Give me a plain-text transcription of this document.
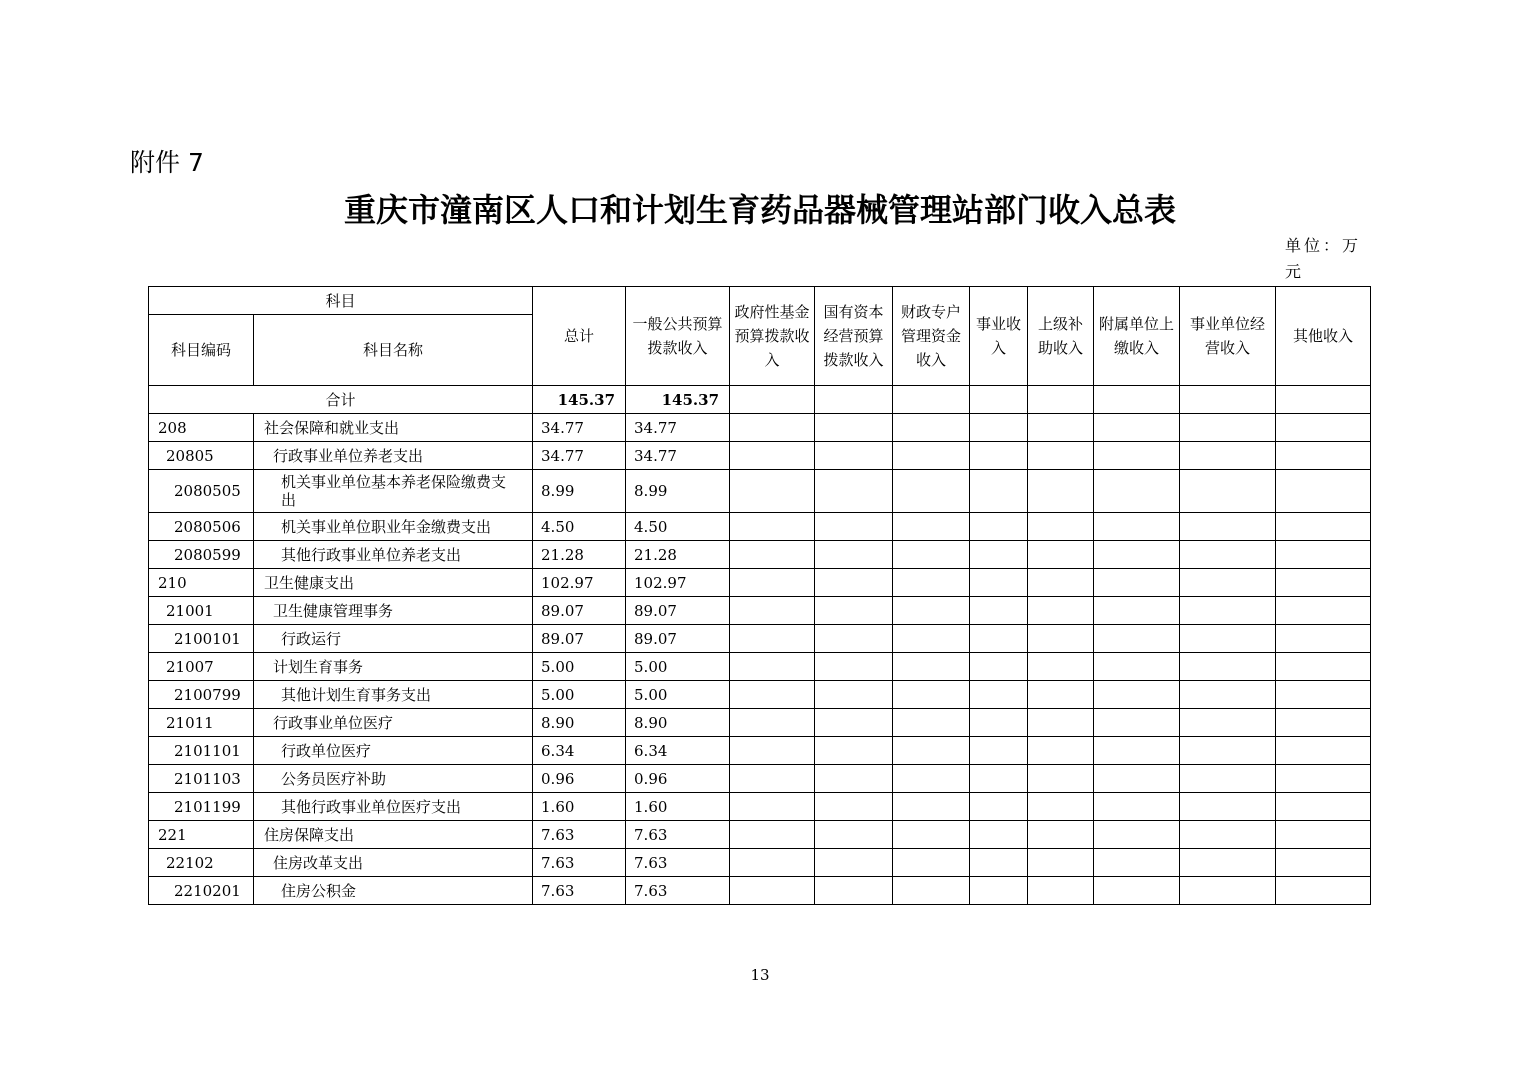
附件 7
重庆市潼南区人口和计划生育药品器械管理站部门收入总表
单位：万元
科目		总计	一般公共预算拨款收入	政府性基金预算拨款收入	国有资本经营预算拨款收入	财政专户管理资金收入	事业收入	上级补助收入	附属单位上缴收入	事业单位经营收入	其他收入
科目编码	科目名称										
合计		145.37	145.37								
208	社会保障和就业支出	34.77	34.77								
20805	行政事业单位养老支出	34.77	34.77								
2080505	机关事业单位基本养老保险缴费支出	8.99	8.99								
2080506	机关事业单位职业年金缴费支出	4.50	4.50								
2080599	其他行政事业单位养老支出	21.28	21.28								
210	卫生健康支出	102.97	102.97								
21001	卫生健康管理事务	89.07	89.07								
2100101	行政运行	89.07	89.07								
21007	计划生育事务	5.00	5.00								
2100799	其他计划生育事务支出	5.00	5.00								
21011	行政事业单位医疗	8.90	8.90								
2101101	行政单位医疗	6.34	6.34								
2101103	公务员医疗补助	0.96	0.96								
2101199	其他行政事业单位医疗支出	1.60	1.60								
221	住房保障支出	7.63	7.63								
22102	住房改革支出	7.63	7.63								
2210201	住房公积金	7.63	7.63								
13
